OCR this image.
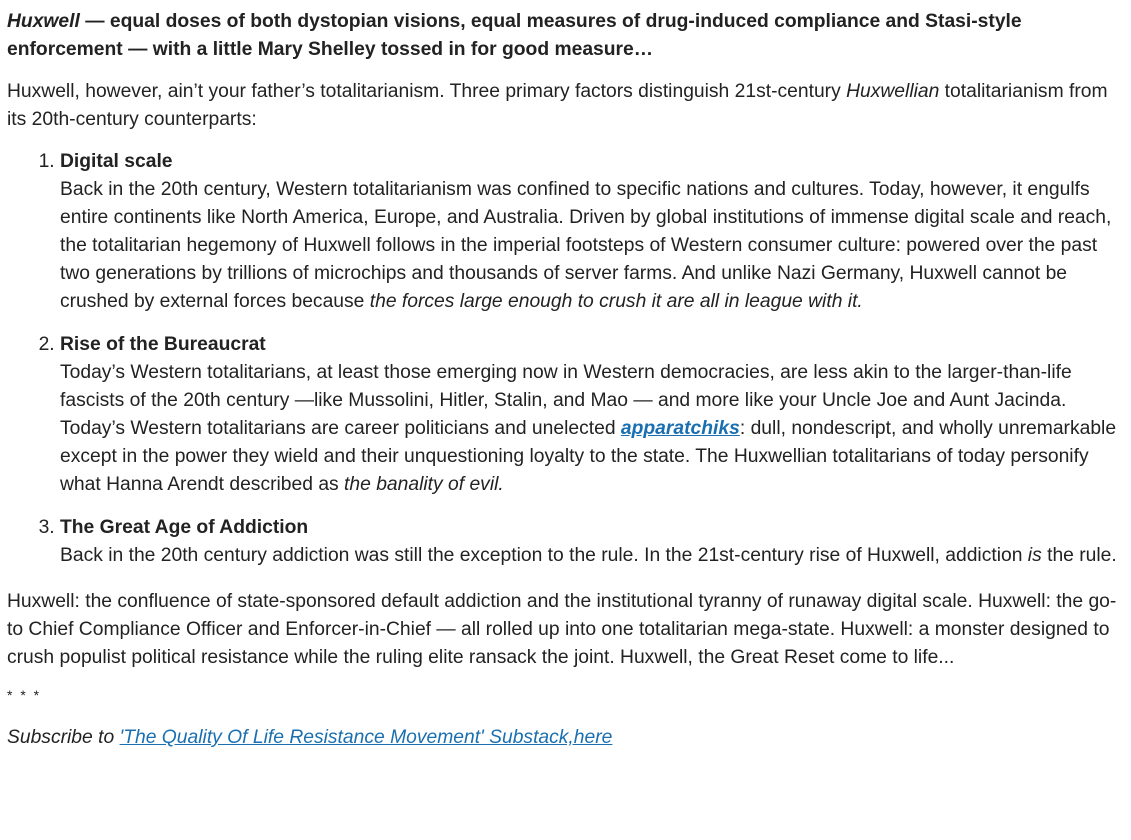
Huxwell — equal doses of both dystopian visions, equal measures of drug-induced compliance and Stasi-style enforcement — with a little Mary Shelley tossed in for good measure…

Huxwell, however, ain’t your father’s totalitarianism. Three primary factors distinguish 21st-century Huxwellian totalitarianism from its 20th-century counterparts:

1. Digital scale
Back in the 20th century, Western totalitarianism was confined to specific nations and cultures. Today, however, it engulfs entire continents like North America, Europe, and Australia. Driven by global institutions of immense digital scale and reach, the totalitarian hegemony of Huxwell follows in the imperial footsteps of Western consumer culture: powered over the past two generations by trillions of microchips and thousands of server farms. And unlike Nazi Germany, Huxwell cannot be crushed by external forces because the forces large enough to crush it are all in league with it.
2. Rise of the Bureaucrat
Today’s Western totalitarians, at least those emerging now in Western democracies, are less akin to the larger-than-life fascists of the 20th century —like Mussolini, Hitler, Stalin, and Mao — and more like your Uncle Joe and Aunt Jacinda. Today’s Western totalitarians are career politicians and unelected apparatchiks: dull, nondescript, and wholly unremarkable except in the power they wield and their unquestioning loyalty to the state. The Huxwellian totalitarians of today personify what Hanna Arendt described as the banality of evil.
3. The Great Age of Addiction
Back in the 20th century addiction was still the exception to the rule. In the 21st-century rise of Huxwell, addiction is the rule.

Huxwell: the confluence of state-sponsored default addiction and the institutional tyranny of runaway digital scale. Huxwell: the go-to Chief Compliance Officer and Enforcer-in-Chief — all rolled up into one totalitarian mega-state. Huxwell: a monster designed to crush populist political resistance while the ruling elite ransack the joint. Huxwell, the Great Reset come to life...

* * *

Subscribe to 'The Quality Of Life Resistance Movement' Substack,here
